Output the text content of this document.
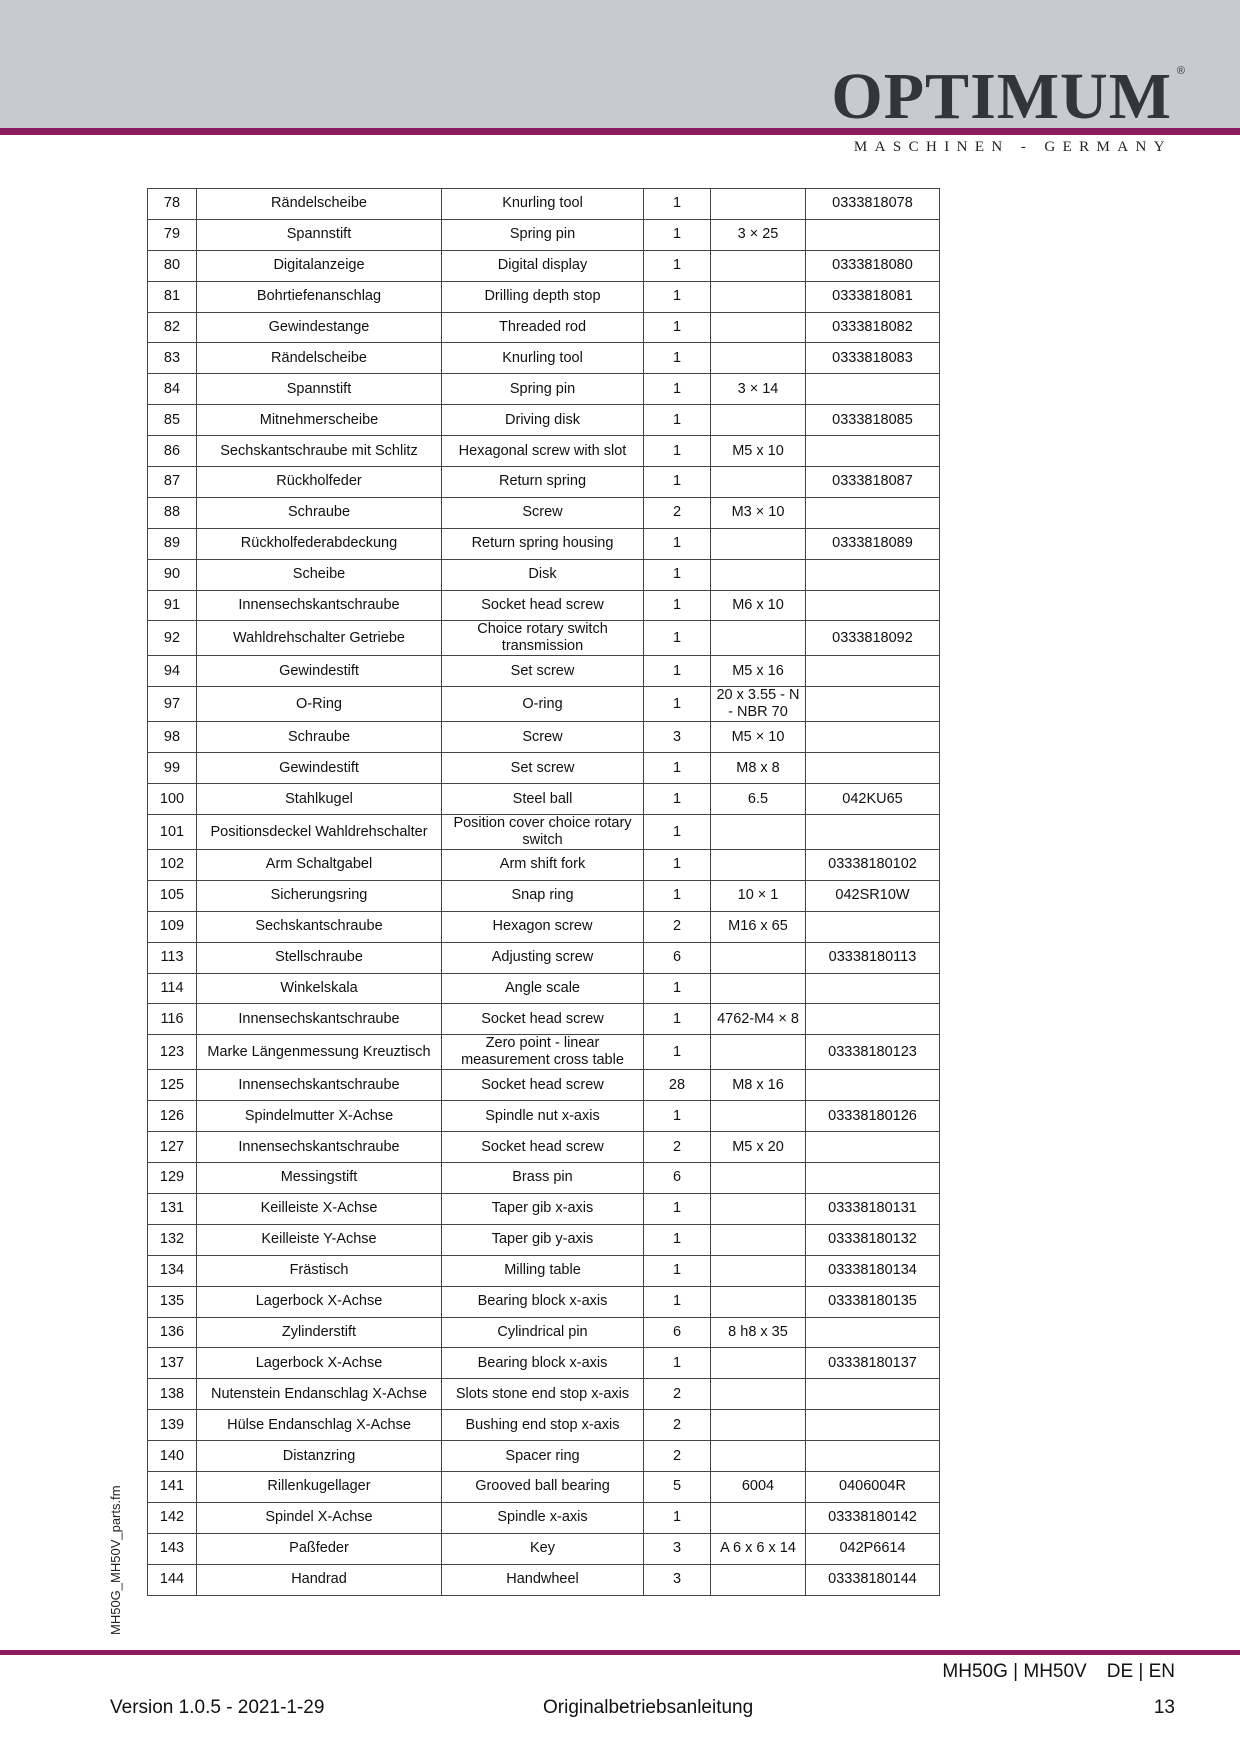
OPTIMUM ®
MASCHINEN - GERMANY
78	Rändelscheibe	Knurling tool	1		0333818078
79	Spannstift	Spring pin	1	3 × 25	
80	Digitalanzeige	Digital display	1		0333818080
81	Bohrtiefenanschlag	Drilling depth stop	1		0333818081
82	Gewindestange	Threaded rod	1		0333818082
83	Rändelscheibe	Knurling tool	1		0333818083
84	Spannstift	Spring pin	1	3 × 14	
85	Mitnehmerscheibe	Driving disk	1		0333818085
86	Sechskantschraube mit Schlitz	Hexagonal screw with slot	1	M5 x 10	
87	Rückholfeder	Return spring	1		0333818087
88	Schraube	Screw	2	M3 × 10	
89	Rückholfederabdeckung	Return spring housing	1		0333818089
90	Scheibe	Disk	1		
91	Innensechskantschraube	Socket head screw	1	M6 x 10	
92	Wahldrehschalter Getriebe	Choice rotary switch transmission	1		0333818092
94	Gewindestift	Set screw	1	M5 x 16	
97	O-Ring	O-ring	1	20 x 3.55 - N - NBR 70	
98	Schraube	Screw	3	M5 × 10	
99	Gewindestift	Set screw	1	M8 x 8	
100	Stahlkugel	Steel ball	1	6.5	042KU65
101	Positionsdeckel Wahldrehschalter	Position cover choice rotary switch	1		
102	Arm Schaltgabel	Arm shift fork	1		03338180102
105	Sicherungsring	Snap ring	1	10 × 1	042SR10W
109	Sechskantschraube	Hexagon screw	2	M16 x 65	
113	Stellschraube	Adjusting screw	6		03338180113
114	Winkelskala	Angle scale	1		
116	Innensechskantschraube	Socket head screw	1	4762-M4 × 8	
123	Marke Längenmessung Kreuztisch	Zero point - linear measurement cross table	1		03338180123
125	Innensechskantschraube	Socket head screw	28	M8 x 16	
126	Spindelmutter X-Achse	Spindle nut x-axis	1		03338180126
127	Innensechskantschraube	Socket head screw	2	M5 x 20	
129	Messingstift	Brass pin	6		
131	Keilleiste X-Achse	Taper gib x-axis	1		03338180131
132	Keilleiste Y-Achse	Taper gib y-axis	1		03338180132
134	Frästisch	Milling table	1		03338180134
135	Lagerbock X-Achse	Bearing block x-axis	1		03338180135
136	Zylinderstift	Cylindrical pin	6	8 h8 x 35	
137	Lagerbock X-Achse	Bearing block x-axis	1		03338180137
138	Nutenstein Endanschlag X-Achse	Slots stone end stop x-axis	2		
139	Hülse Endanschlag X-Achse	Bushing end stop x-axis	2		
140	Distanzring	Spacer ring	2		
141	Rillenkugellager	Grooved ball bearing	5	6004	0406004R
142	Spindel X-Achse	Spindle x-axis	1		03338180142
143	Paßfeder	Key	3	A 6 x 6 x 14	042P6614
144	Handrad	Handwheel	3		03338180144
MH50G_MH50V_parts.fm
MH50G | MH50V DE | EN
Version 1.0.5 - 2021-1-29	Originalbetriebsanleitung	13
